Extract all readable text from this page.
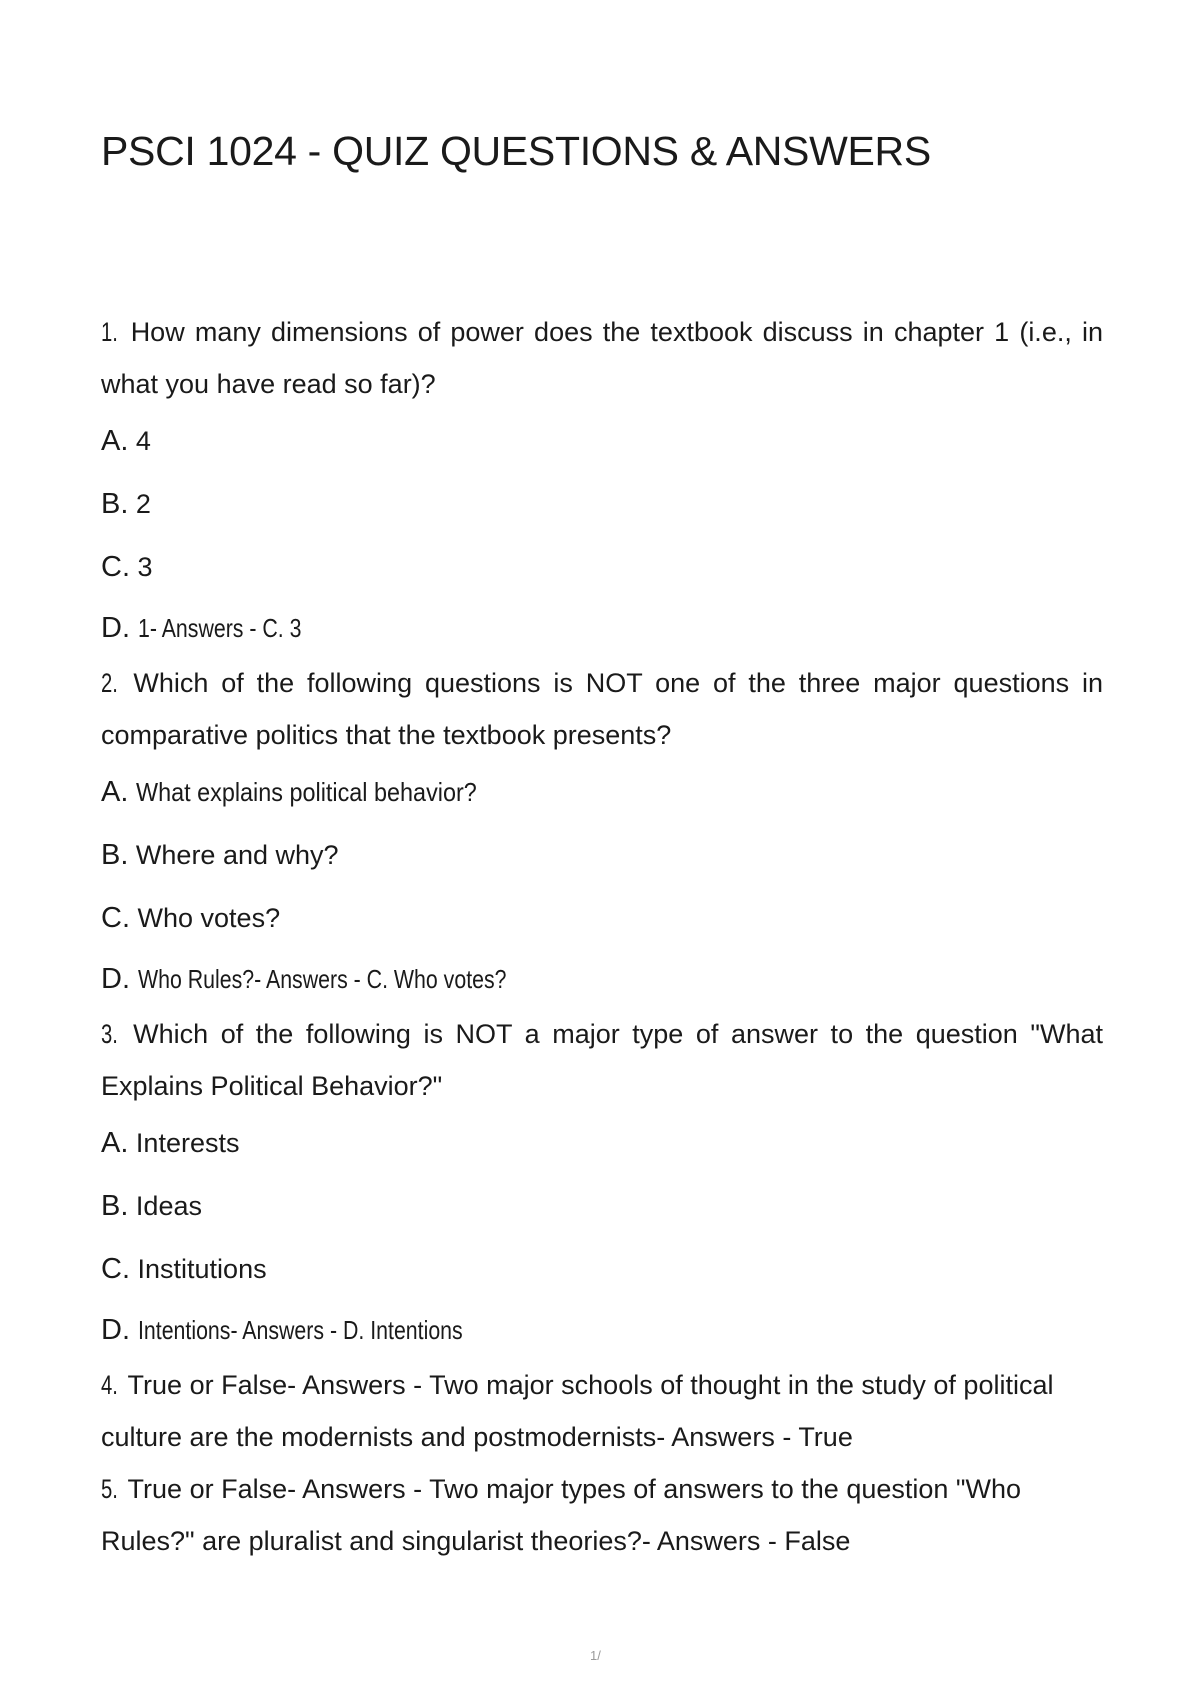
PSCI 1024 - QUIZ QUESTIONS & ANSWERS

1. How many dimensions of power does the textbook discuss in chapter 1 (i.e., in what you have read so far)?

A. 4

B. 2

C. 3

D. 1- Answers - C. 3

2. Which of the following questions is NOT one of the three major questions in comparative politics that the textbook presents?

A. What explains political behavior?

B. Where and why?

C. Who votes?

D. Who Rules?- Answers - C. Who votes?

3. Which of the following is NOT a major type of answer to the question "What Explains Political Behavior?"

A. Interests

B. Ideas

C. Institutions

D. Intentions- Answers - D. Intentions

4. True or False- Answers - Two major schools of thought in the study of political culture are the modernists and postmodernists- Answers - True

5. True or False- Answers - Two major types of answers to the question "Who Rules?" are pluralist and singularist theories?- Answers - False

1/
